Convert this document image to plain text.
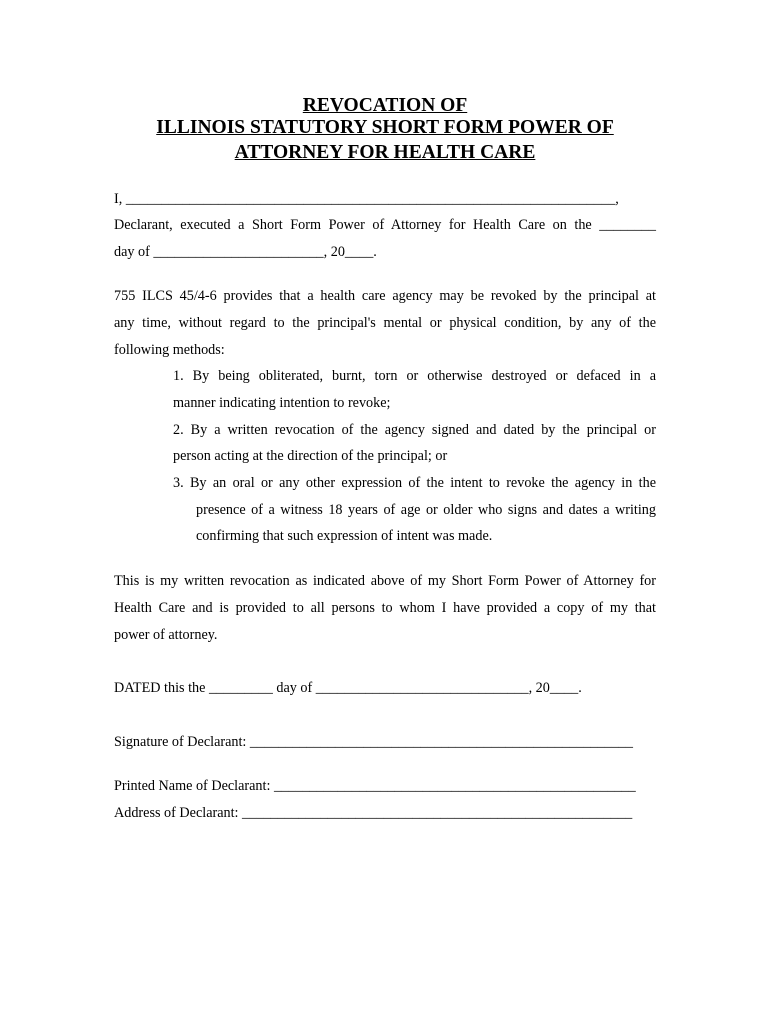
REVOCATION OF
ILLINOIS STATUTORY SHORT FORM POWER OF
ATTORNEY FOR HEALTH CARE
I, _____________________________________________________________________,
Declarant, executed a Short Form Power of Attorney for Health Care on the ________
day of ________________________, 20____.
755 ILCS 45/4-6 provides that a health care agency may be revoked by the principal at
any time, without regard to the principal's mental or physical condition, by any of the
following methods:
1. By being obliterated, burnt, torn or otherwise destroyed or defaced in a
manner indicating intention to revoke;
2. By a written revocation of the agency signed and dated by the principal or
person acting at the direction of the principal; or
3. By an oral or any other expression of the intent to revoke the agency in the
presence of a witness 18 years of age or older who signs and dates a writing
confirming that such expression of intent was made.
This is my written revocation as indicated above of my Short Form Power of Attorney for
Health Care and is provided to all persons to whom I have provided a copy of my that
power of attorney.
DATED this the _________ day of ______________________________, 20____.
Signature of Declarant: ______________________________________________________
Printed Name of Declarant: ___________________________________________________
Address of Declarant: _______________________________________________________
